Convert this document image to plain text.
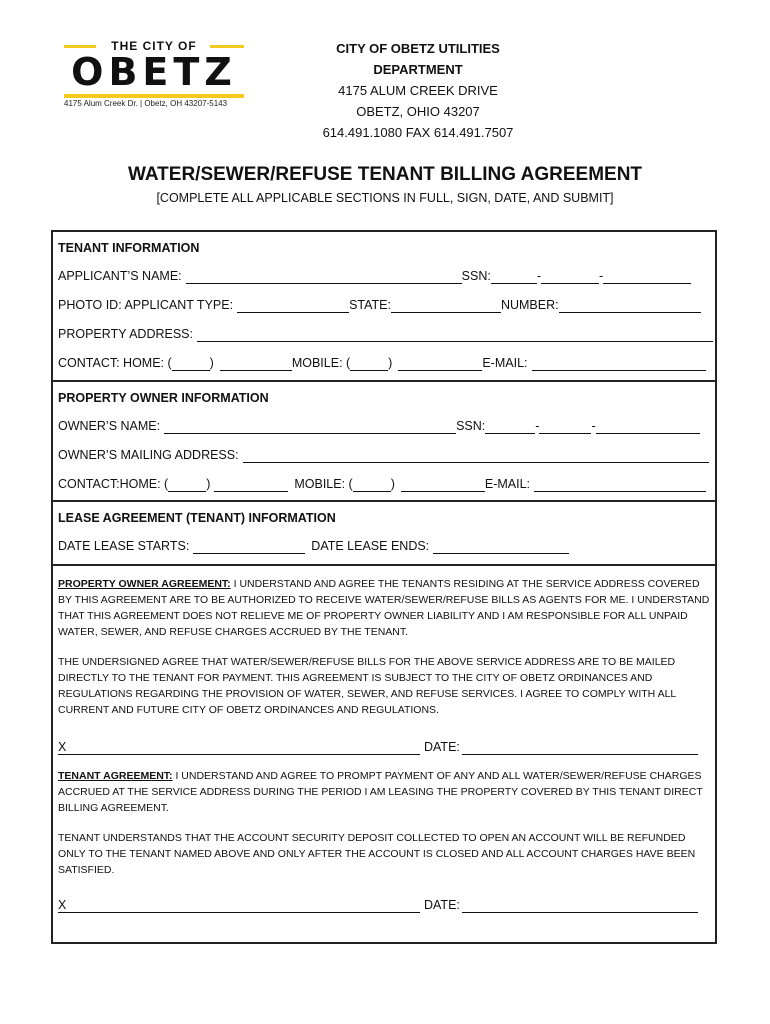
THE CITY OF
OBETZ
4175 Alum Creek Dr. | Obetz, OH 43207-5143
CITY OF OBETZ UTILITIES DEPARTMENT
4175 ALUM CREEK DRIVE
OBETZ, OHIO 43207
614.491.1080 FAX 614.491.7507
WATER/SEWER/REFUSE TENANT BILLING AGREEMENT
[COMPLETE ALL APPLICABLE SECTIONS IN FULL, SIGN, DATE, AND SUBMIT]
TENANT INFORMATION
APPLICANT’S NAME:	SSN:	-	-
PHOTO ID: APPLICANT TYPE:	STATE:	NUMBER:
PROPERTY ADDRESS:
CONTACT: HOME: (	)	MOBILE: (	)	E-MAIL:
PROPERTY OWNER INFORMATION
OWNER’S NAME:	SSN:	-	-
OWNER’S MAILING ADDRESS:
CONTACT:HOME: (	)	MOBILE: (	)	E-MAIL:
LEASE AGREEMENT (TENANT) INFORMATION
DATE LEASE STARTS:	DATE LEASE ENDS:

PROPERTY OWNER AGREEMENT: I UNDERSTAND AND AGREE THE TENANTS RESIDING AT THE SERVICE ADDRESS COVERED BY THIS AGREEMENT ARE TO BE AUTHORIZED TO RECEIVE WATER/SEWER/REFUSE BILLS AS AGENTS FOR ME. I UNDERSTAND THAT THIS AGREEMENT DOES NOT RELIEVE ME OF PROPERTY OWNER LIABILITY AND I AM RESPONSIBLE FOR ALL UNPAID WATER, SEWER, AND REFUSE CHARGES ACCRUED BY THE TENANT.

THE UNDERSIGNED AGREE THAT WATER/SEWER/REFUSE BILLS FOR THE ABOVE SERVICE ADDRESS ARE TO BE MAILED DIRECTLY TO THE TENANT FOR PAYMENT. THIS AGREEMENT IS SUBJECT TO THE CITY OF OBETZ ORDINANCES AND REGULATIONS REGARDING THE PROVISION OF WATER, SEWER, AND REFUSE SERVICES. I AGREE TO COMPLY WITH ALL CURRENT AND FUTURE CITY OF OBETZ ORDINANCES AND REGULATIONS.

X	DATE:

TENANT AGREEMENT: I UNDERSTAND AND AGREE TO PROMPT PAYMENT OF ANY AND ALL WATER/SEWER/REFUSE CHARGES ACCRUED AT THE SERVICE ADDRESS DURING THE PERIOD I AM LEASING THE PROPERTY COVERED BY THIS TENANT DIRECT BILLING AGREEMENT.

TENANT UNDERSTANDS THAT THE ACCOUNT SECURITY DEPOSIT COLLECTED TO OPEN AN ACCOUNT WILL BE REFUNDED ONLY TO THE TENANT NAMED ABOVE AND ONLY AFTER THE ACCOUNT IS CLOSED AND ALL ACCOUNT CHARGES HAVE BEEN SATISFIED.

X	DATE:
